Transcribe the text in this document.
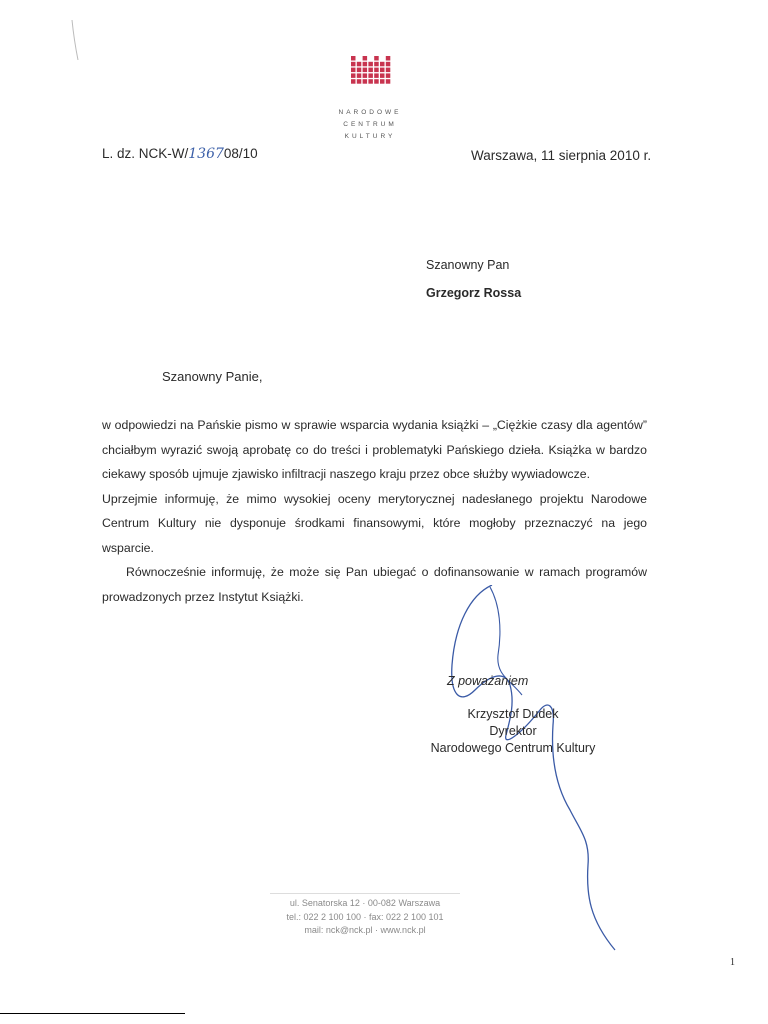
NARODOWE
CENTRUM
KULTURY
L. dz. NCK-W/136708/10	Warszawa, 11 sierpnia 2010 r.
Szanowny Pan
Grzegorz Rossa
Szanowny Panie,

w odpowiedzi na Pańskie pismo w sprawie wsparcia wydania książki – „Ciężkie czasy dla agentów” chciałbym wyrazić swoją aprobatę co do treści i problematyki Pańskiego dzieła. Książka w bardzo ciekawy sposób ujmuje zjawisko infiltracji naszego kraju przez obce służby wywiadowcze.

Uprzejmie informuję, że mimo wysokiej oceny merytorycznej nadesłanego projektu Narodowe Centrum Kultury nie dysponuje środkami finansowymi, które mogłoby przeznaczyć na jego wsparcie.

Równocześnie informuję, że może się Pan ubiegać o dofinansowanie w ramach programów prowadzonych przez Instytut Książki.

Z poważaniem
Krzysztof Dudek
Dyrektor
Narodowego Centrum Kultury
ul. Senatorska 12 · 00-082 Warszawa
tel.: 022 2 100 100 · fax: 022 2 100 101
mail: nck@nck.pl · www.nck.pl
1
